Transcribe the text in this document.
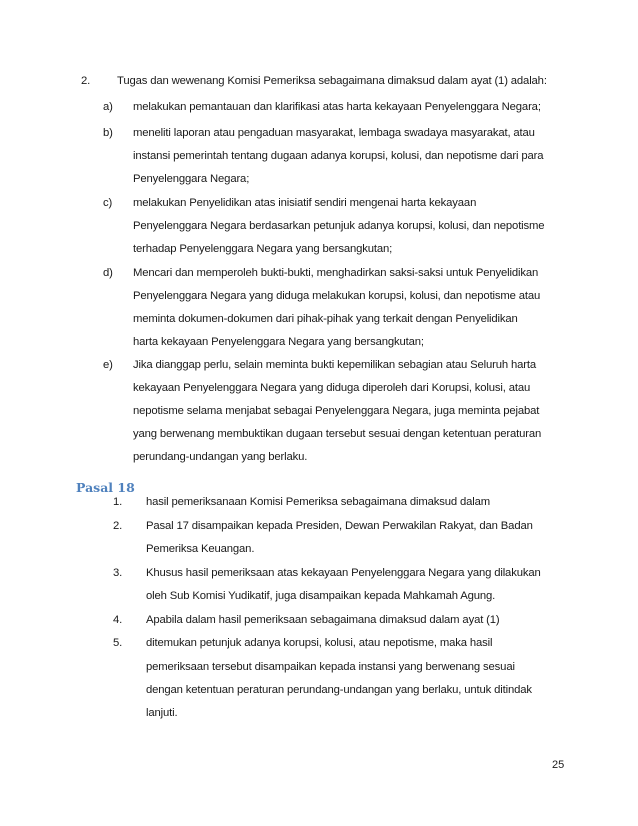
2. Tugas dan wewenang Komisi Pemeriksa sebagaimana dimaksud dalam ayat (1) adalah:
a) melakukan pemantauan dan klarifikasi atas harta kekayaan Penyelenggara Negara;
b) meneliti laporan atau pengaduan masyarakat, lembaga swadaya masyarakat, atau
instansi pemerintah tentang dugaan adanya korupsi, kolusi, dan nepotisme dari para
Penyelenggara Negara;
c) melakukan Penyelidikan atas inisiatif sendiri mengenai harta kekayaan
Penyelenggara Negara berdasarkan petunjuk adanya korupsi, kolusi, dan nepotisme
terhadap Penyelenggara Negara yang bersangkutan;
d) Mencari dan memperoleh bukti-bukti, menghadirkan saksi-saksi untuk Penyelidikan
Penyelenggara Negara yang diduga melakukan korupsi, kolusi, dan nepotisme atau
meminta dokumen-dokumen dari pihak-pihak yang terkait dengan Penyelidikan
harta kekayaan Penyelenggara Negara yang bersangkutan;
e) Jika dianggap perlu, selain meminta bukti kepemilikan sebagian atau Seluruh harta
kekayaan Penyelenggara Negara yang diduga diperoleh dari Korupsi, kolusi, atau
nepotisme selama menjabat sebagai Penyelenggara Negara, juga meminta pejabat
yang berwenang membuktikan dugaan tersebut sesuai dengan ketentuan peraturan
perundang-undangan yang berlaku.
Pasal 18
1. hasil pemeriksanaan Komisi Pemeriksa sebagaimana dimaksud dalam
2. Pasal 17 disampaikan kepada Presiden, Dewan Perwakilan Rakyat, dan Badan
Pemeriksa Keuangan.
3. Khusus hasil pemeriksaan atas kekayaan Penyelenggara Negara yang dilakukan
oleh Sub Komisi Yudikatif, juga disampaikan kepada Mahkamah Agung.
4. Apabila dalam hasil pemeriksaan sebagaimana dimaksud dalam ayat (1)
5. ditemukan petunjuk adanya korupsi, kolusi, atau nepotisme, maka hasil
pemeriksaan tersebut disampaikan kepada instansi yang berwenang sesuai
dengan ketentuan peraturan perundang-undangan yang berlaku, untuk ditindak
lanjuti.
25
